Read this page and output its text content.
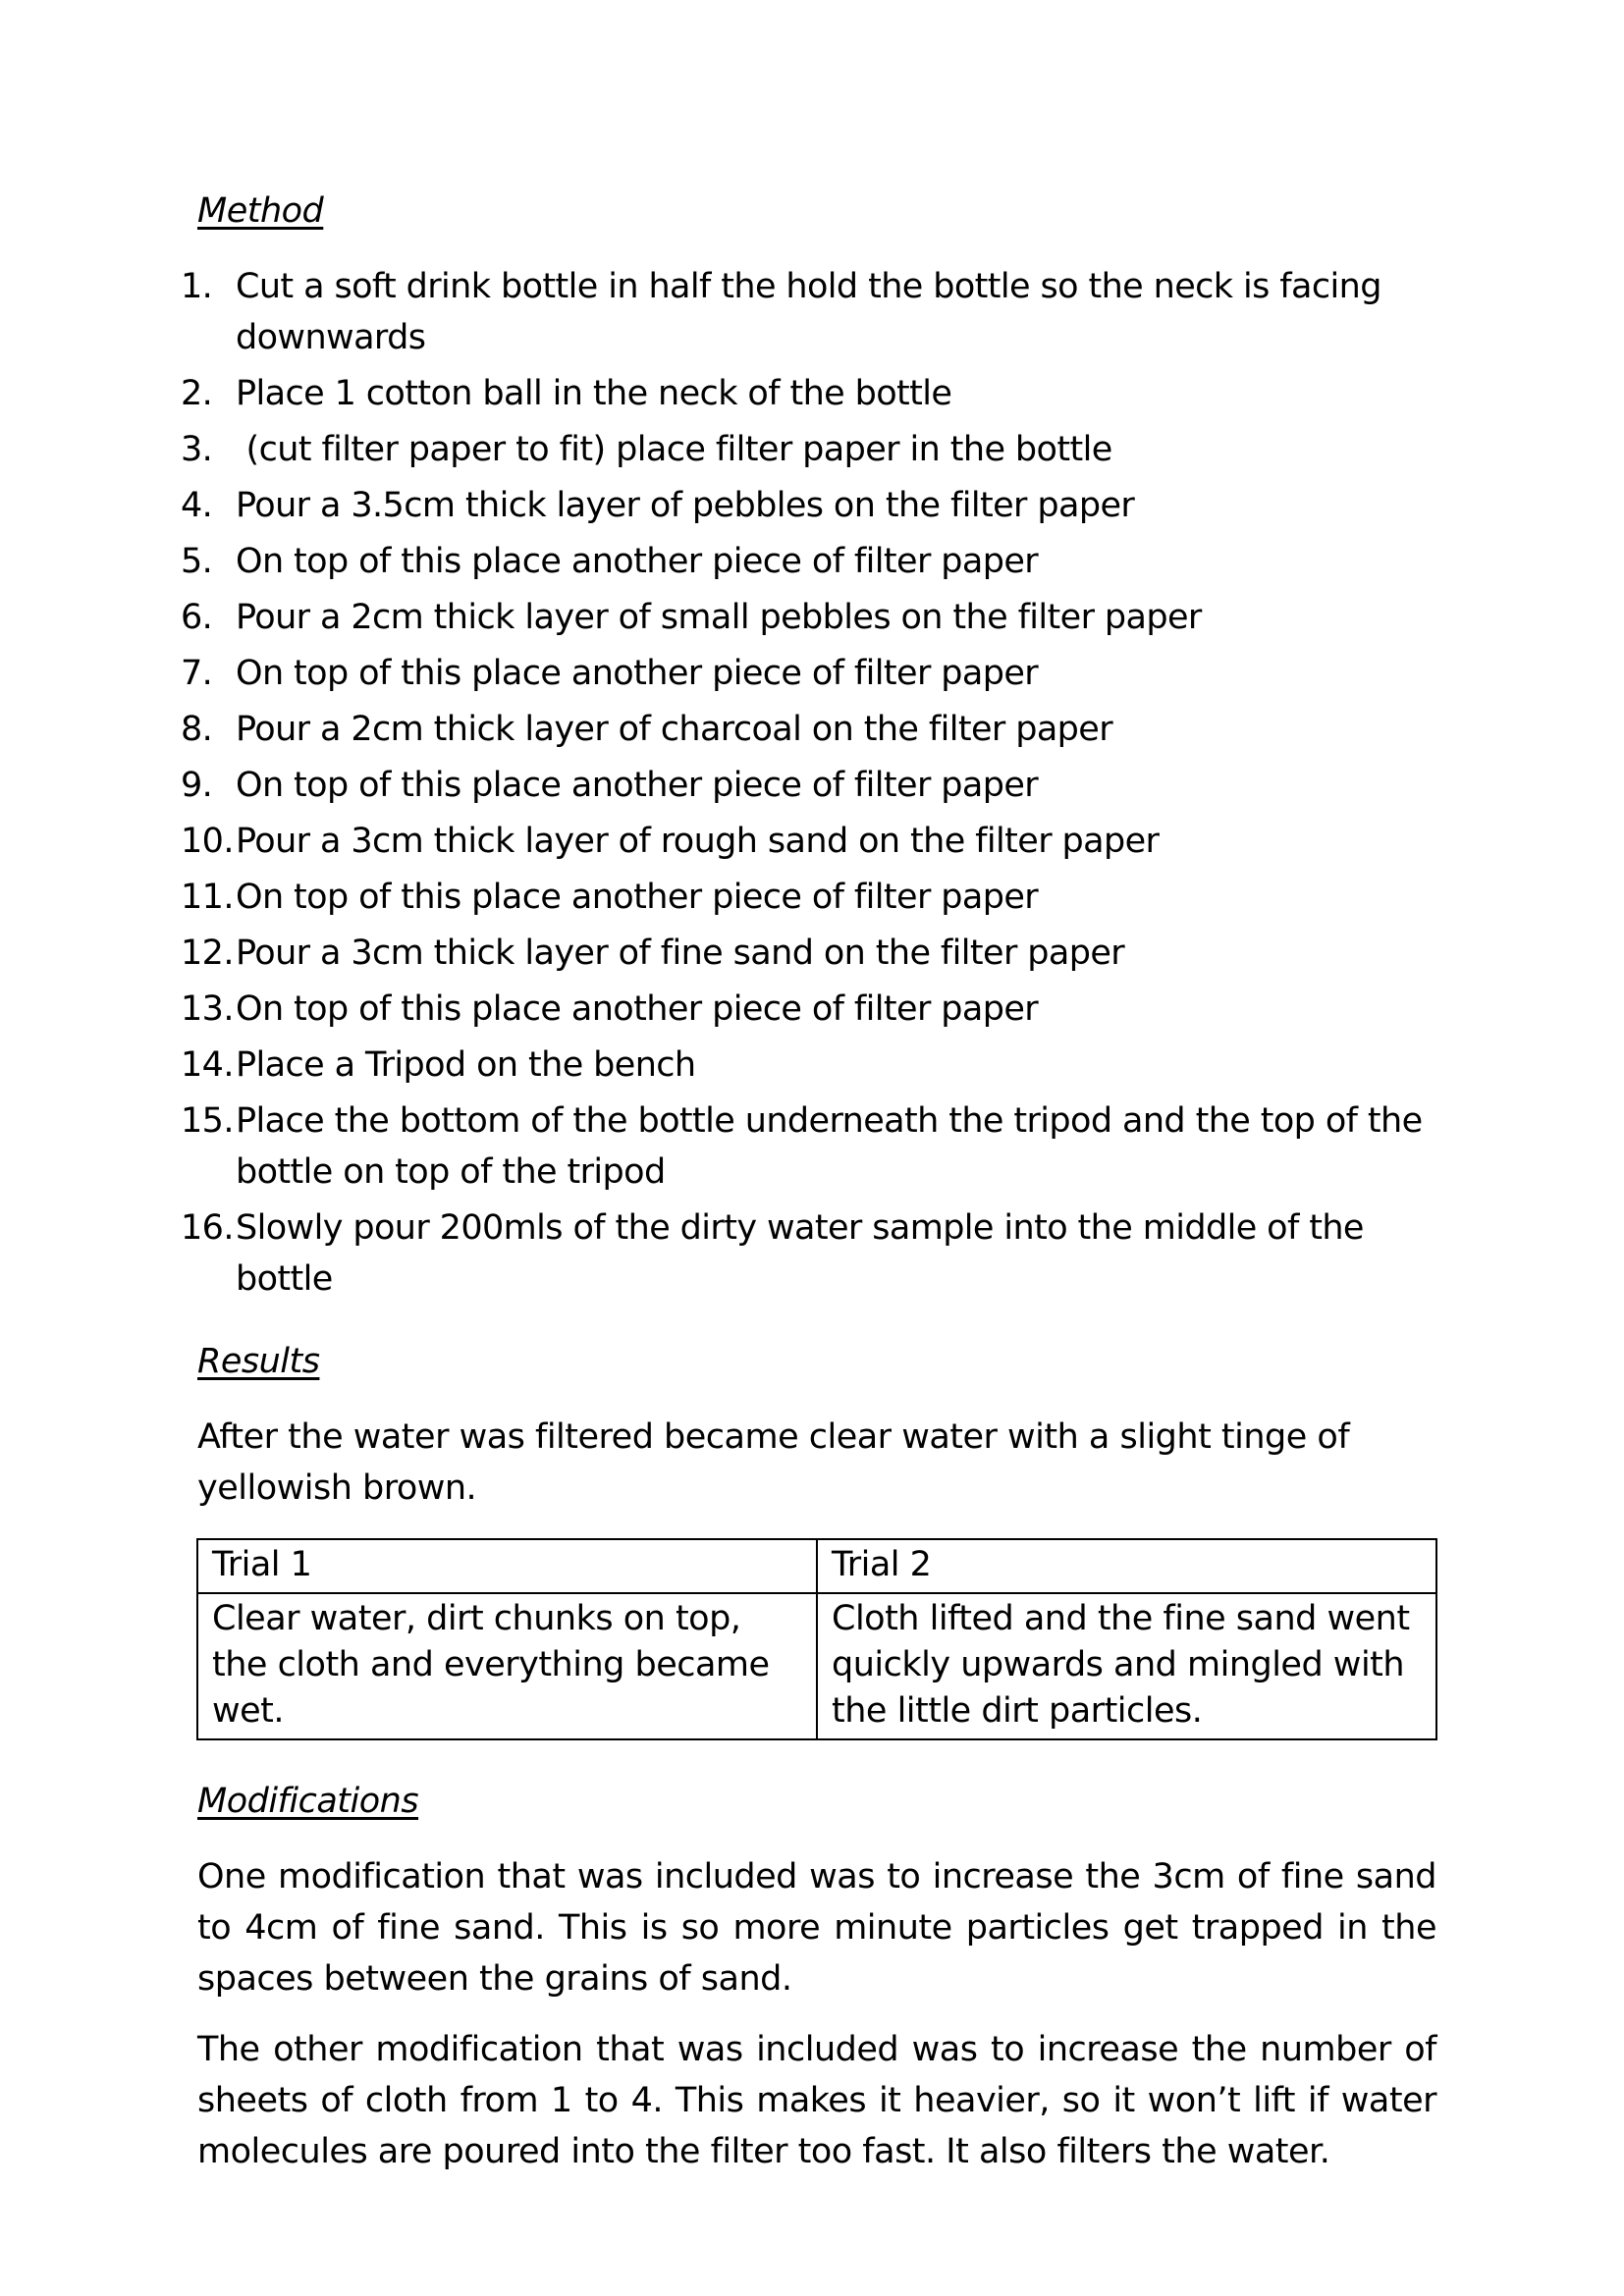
Method
1. Cut a soft drink bottle in half the hold the bottle so the neck is facing downwards
2. Place 1 cotton ball in the neck of the bottle
3. (cut filter paper to fit) place filter paper in the bottle
4. Pour a 3.5cm thick layer of pebbles on the filter paper
5. On top of this place another piece of filter paper
6. Pour a 2cm thick layer of small pebbles on the filter paper
7. On top of this place another piece of filter paper
8. Pour a 2cm thick layer of charcoal on the filter paper
9. On top of this place another piece of filter paper
10. Pour a 3cm thick layer of rough sand on the filter paper
11. On top of this place another piece of filter paper
12. Pour a 3cm thick layer of fine sand on the filter paper
13. On top of this place another piece of filter paper
14. Place a Tripod on the bench
15. Place the bottom of the bottle underneath the tripod and the top of the bottle on top of the tripod
16. Slowly pour 200mls of the dirty water sample into the middle of the bottle
Results

After the water was filtered became clear water with a slight tinge of yellowish brown.

Trial 1	Trial 2
Clear water, dirt chunks on top, the cloth and everything became wet.	Cloth lifted and the fine sand went quickly upwards and mingled with the little dirt particles.
Modifications

One modification that was included was to increase the 3cm of fine sand to 4cm of fine sand. This is so more minute particles get trapped in the spaces between the grains of sand.

The other modification that was included was to increase the number of sheets of cloth from 1 to 4. This makes it heavier, so it won’t lift if water molecules are poured into the filter too fast. It also filters the water.
